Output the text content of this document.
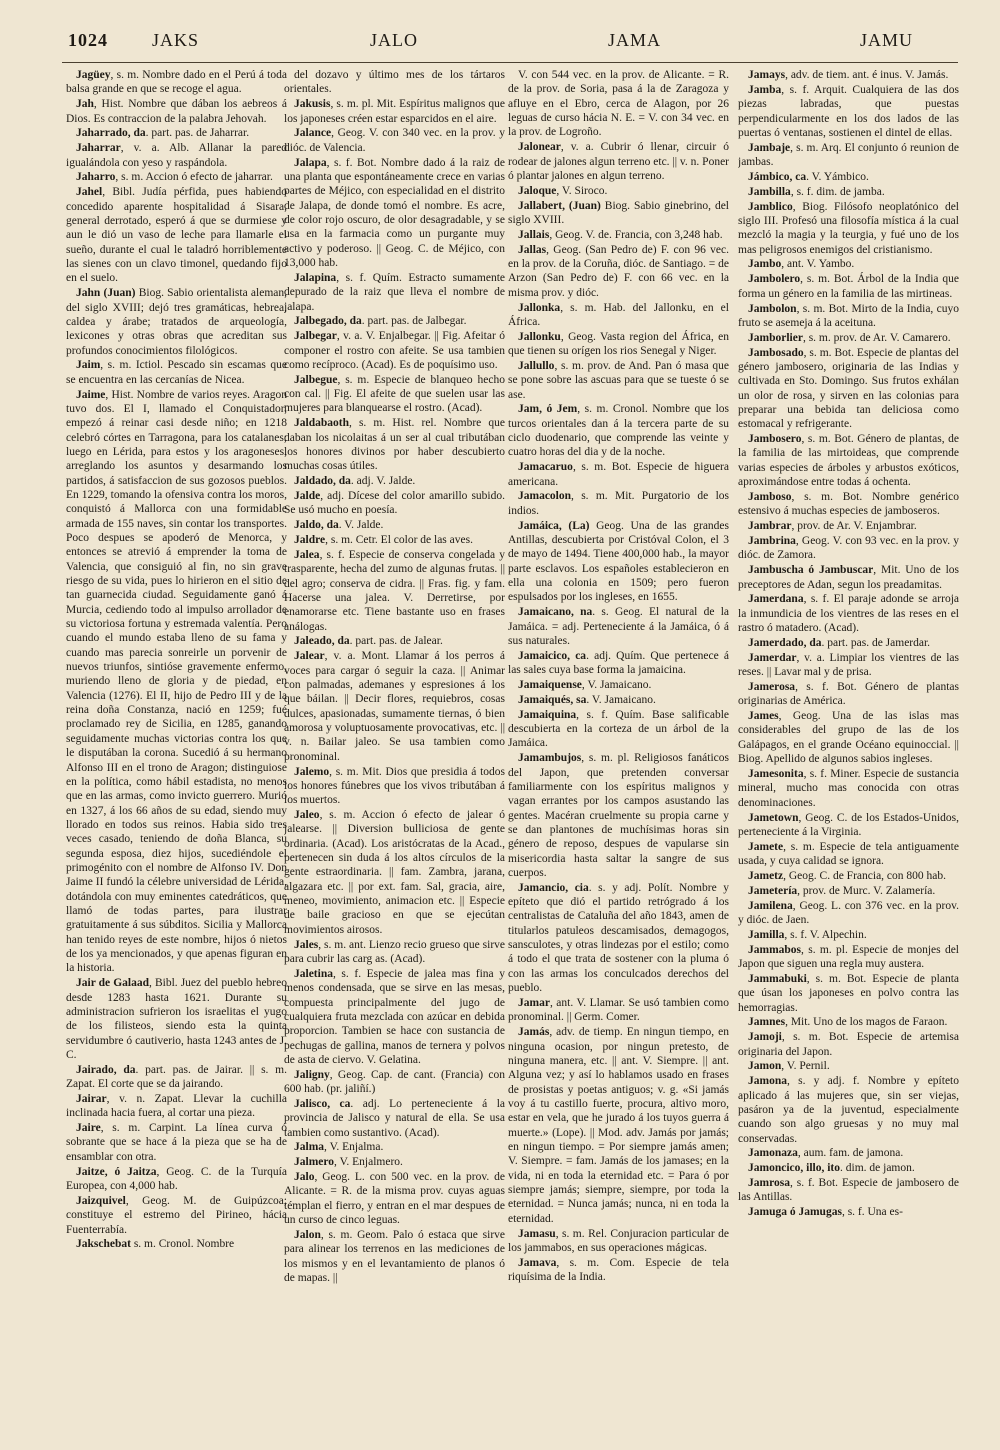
1024 JAKS	JALO	JAMA	JAMU

Jagüey, s. m. Nombre dado en el Perú á toda balsa grande en que se recoge el agua.

Jah, Hist. Nombre que dában los aebreos á Dios. Es contraccion de la palabra Jehovah.

Jaharrado, da. part. pas. de Jaharrar.

Jaharrar, v. a. Alb. Allanar la pared igualándola con yeso y raspándola.

Jaharro, s. m. Accion ó efecto de jaharrar.

Jahel, Bibl. Judía pérfida, pues habiendo concedido aparente hospitalidad á Sisara, general derrotado, esperó á que se durmiese y aun le dió un vaso de leche para llamarle el sueño, durante el cual le taladró horriblemente las sienes con un clavo timonel, quedando fijo en el suelo.

Jahn (Juan) Biog. Sabio orientalista aleman, del siglo XVIII; dejó tres gramáticas, hebrea, caldea y árabe; tratados de arqueología, lexicones y otras obras que acreditan sus profundos conocimientos filológicos.

Jaim, s. m. Ictiol. Pescado sin escamas que se encuentra en las cercanías de Nicea.

Jaime, Hist. Nombre de varios reyes. Aragon tuvo dos. El I, llamado el Conquistador, empezó á reinar casi desde niño; en 1218 celebró córtes en Tarragona, para los catalanes; luego en Lérida, para estos y los aragoneses, arreglando los asuntos y desarmando los partidos, á satisfaccion de sus gozosos pueblos. En 1229, tomando la ofensiva contra los moros, conquistó á Mallorca con una formidable armada de 155 naves, sin contar los transportes. Poco despues se apoderó de Menorca, y entonces se atrevió á emprender la toma de Valencia, que consiguió al fin, no sin grave riesgo de su vida, pues lo hirieron en el sitio de tan guarnecida ciudad. Seguidamente ganó á Murcia, cediendo todo al impulso arrollador de su victoriosa fortuna y estremada valentía. Pero cuando el mundo estaba lleno de su fama y cuando mas parecia sonreirle un porvenir de nuevos triunfos, sintióse gravemente enfermo, muriendo lleno de gloria y de piedad, en Valencia (1276). El II, hijo de Pedro III y de la reina doña Constanza, nació en 1259; fué proclamado rey de Sicilia, en 1285, ganando seguidamente muchas victorias contra los que le disputában la corona. Sucedió á su hermano Alfonso III en el trono de Aragon; distinguiose en la política, como hábil estadista, no menos que en las armas, como invicto guerrero. Murió en 1327, á los 66 años de su edad, siendo muy llorado en todos sus reinos. Habia sido tres veces casado, teniendo de doña Blanca, su segunda esposa, diez hijos, sucediéndole el primogénito con el nombre de Alfonso IV. Don Jaime II fundó la célebre universidad de Lérida, dotándola con muy eminentes catedráticos, que llamó de todas partes, para ilustrar gratuitamente á sus súbditos. Sicilia y Mallorca han tenido reyes de este nombre, hijos ó nietos de los ya mencionados, y que apenas figuran en la historia.

Jair de Galaad, Bibl. Juez del pueblo hebreo desde 1283 hasta 1621. Durante su administracion sufrieron los israelitas el yugo de los filisteos, siendo esta la quinta servidumbre ó cautiverio, hasta 1243 antes de J. C.

Jairado, da. part. pas. de Jairar. || s. m. Zapat. El corte que se da jairando.

Jairar, v. n. Zapat. Llevar la cuchilla inclinada hacia fuera, al cortar una pieza.

Jaire, s. m. Carpint. La línea curva ó sobrante que se hace á la pieza que se ha de ensamblar con otra.

Jaitze, ó Jaitza, Geog. C. de la Turquía Europea, con 4,000 hab.

Jaizquivel, Geog. M. de Guipúzcoa; constituye el estremo del Pirineo, hácia Fuenterrabía.

Jakschebat s. m. Cronol. Nombre

del dozavo y último mes de los tártaros orientales.

Jakusis, s. m. pl. Mit. Espíritus malignos que los japoneses créen estar esparcidos en el aire.

Jalance, Geog. V. con 340 vec. en la prov. y dióc. de Valencia.

Jalapa, s. f. Bot. Nombre dado á la raiz de una planta que espontáneamente crece en varias partes de Méjico, con especialidad en el distrito de Jalapa, de donde tomó el nombre. Es acre, de color rojo oscuro, de olor desagradable, y se usa en la farmacia como un purgante muy activo y poderoso. || Geog. C. de Méjico, con 13,000 hab.

Jalapina, s. f. Quím. Estracto sumamente depurado de la raiz que lleva el nombre de jalapa.

Jalbegado, da. part. pas. de Jalbegar.

Jalbegar, v. a. V. Enjalbegar. || Fig. Afeitar ó componer el rostro con afeite. Se usa tambien como recíproco. (Acad). Es de poquísimo uso.

Jalbegue, s. m. Especie de blanqueo hecho con cal. || Fig. El afeite de que suelen usar las mujeres para blanquearse el rostro. (Acad).

Jaldabaoth, s. m. Hist. rel. Nombre que daban los nicolaitas á un ser al cual tributában los honores divinos por haber descubierto muchas cosas útiles.

Jaldado, da. adj. V. Jalde.

Jalde, adj. Dícese del color amarillo subido. Se usó mucho en poesía.

Jaldo, da. V. Jalde.

Jaldre, s. m. Cetr. El color de las aves.

Jalea, s. f. Especie de conserva congelada y trasparente, hecha del zumo de algunas frutas. || del agro; conserva de cidra. || Fras. fig. y fam. Hacerse una jalea. V. Derretirse, por enamorarse etc. Tiene bastante uso en frases análogas.

Jaleado, da. part. pas. de Jalear.

Jalear, v. a. Mont. Llamar á los perros á voces para cargar ó seguir la caza. || Animar con palmadas, ademanes y espresiones á los que báilan. || Decir flores, requiebros, cosas dulces, apasionadas, sumamente tiernas, ó bien amorosa y voluptuosamente provocativas, etc. || v. n. Bailar jaleo. Se usa tambien como pronominal.

Jalemo, s. m. Mit. Dios que presidia á todos los honores fúnebres que los vivos tributában á los muertos.

Jaleo, s. m. Accion ó efecto de jalear ó jalearse. || Diversion bulliciosa de gente ordinaria. (Acad). Los aristócratas de la Acad., pertenecen sin duda á los altos círculos de la gente estraordinaria. || fam. Zambra, jarana, algazara etc. || por ext. fam. Sal, gracia, aire, meneo, movimiento, animacion etc. || Especie de baile gracioso en que se ejecútan movimientos airosos.

Jales, s. m. ant. Lienzo recio grueso que sirve para cubrir las carg as. (Acad).

Jaletina, s. f. Especie de jalea mas fina y menos condensada, que se sirve en las mesas, compuesta principalmente del jugo de cualquiera fruta mezclada con azúcar en debida proporcion. Tambien se hace con sustancia de pechugas de gallina, manos de ternera y polvos de asta de ciervo. V. Gelatina.

Jaligny, Geog. Cap. de cant. (Francia) con 600 hab. (pr. jaliñí.)

Jalisco, ca. adj. Lo perteneciente á la provincia de Jalisco y natural de ella. Se usa tambien como sustantivo. (Acad).

Jalma, V. Enjalma.

Jalmero, V. Enjalmero.

Jalo, Geog. L. con 500 vec. en la prov. de Alicante. = R. de la misma prov. cuyas aguas témplan el fierro, y entran en el mar despues de un curso de cinco leguas.

Jalon, s. m. Geom. Palo ó estaca que sirve para alinear los terrenos en las mediciones de los mismos y en el levantamiento de planos ó de mapas. ||

V. con 544 vec. en la prov. de Alicante. = R. de la prov. de Soria, pasa á la de Zaragoza y afluye en el Ebro, cerca de Alagon, por 26 leguas de curso hácia N. E. = V. con 34 vec. en la prov. de Logroño.

Jalonear, v. a. Cubrir ó llenar, circuir ó rodear de jalones algun terreno etc. || v. n. Poner ó plantar jalones en algun terreno.

Jaloque, V. Siroco.

Jallabert, (Juan) Biog. Sabio ginebrino, del siglo XVIII.

Jallais, Geog. V. de. Francia, con 3,248 hab.

Jallas, Geog. (San Pedro de) F. con 96 vec. en la prov. de la Coruña, dióc. de Santiago. = de Arzon (San Pedro de) F. con 66 vec. en la misma prov. y dióc.

Jallonka, s. m. Hab. del Jallonku, en el África.

Jallonku, Geog. Vasta region del África, en que tienen su orígen los rios Senegal y Niger.

Jallullo, s. m. prov. de And. Pan ó masa que se pone sobre las ascuas para que se tueste ó se ase.

Jam, ó Jem, s. m. Cronol. Nombre que los turcos orientales dan á la tercera parte de su ciclo duodenario, que comprende las veinte y cuatro horas del dia y de la noche.

Jamacaruo, s. m. Bot. Especie de higuera americana.

Jamacolon, s. m. Mit. Purgatorio de los indios.

Jamáica, (La) Geog. Una de las grandes Antillas, descubierta por Cristóval Colon, el 3 de mayo de 1494. Tiene 400,000 hab., la mayor parte esclavos. Los españoles establecieron en ella una colonia en 1509; pero fueron espulsados por los ingleses, en 1655.

Jamaicano, na. s. Geog. El natural de la Jamáica. = adj. Perteneciente á la Jamáica, ó á sus naturales.

Jamaicico, ca. adj. Quím. Que pertenece á las sales cuya base forma la jamaicina.

Jamaiquense, V. Jamaicano.

Jamaiqués, sa. V. Jamaicano.

Jamaiquina, s. f. Quím. Base salificable descubierta en la corteza de un árbol de la Jamáica.

Jamambujos, s. m. pl. Religiosos fanáticos del Japon, que pretenden conversar familiarmente con los espíritus malignos y vagan errantes por los campos asustando las gentes. Macéran cruelmente su propia carne y se dan plantones de muchísimas horas sin género de reposo, despues de vapularse sin misericordia hasta saltar la sangre de sus cuerpos.

Jamancio, cia. s. y adj. Polít. Nombre y epíteto que dió el partido retrógrado á los centralistas de Cataluña del año 1843, amen de titularlos patuleos descamisados, demagogos, sansculotes, y otras lindezas por el estilo; como á todo el que trata de sostener con la pluma ó con las armas los conculcados derechos del pueblo.

Jamar, ant. V. Llamar. Se usó tambien como pronominal. || Germ. Comer.

Jamás, adv. de tiemp. En ningun tiempo, en ninguna ocasion, por ningun pretesto, de ninguna manera, etc. || ant. V. Siempre. || ant. Alguna vez; y así lo hablamos usado en frases de prosistas y poetas antiguos; v. g. «Si jamás voy á tu castillo fuerte, procura, altivo moro, estar en vela, que he jurado á los tuyos guerra á muerte.» (Lope). || Mod. adv. Jamás por jamás; en ningun tiempo. = Por siempre jamás amen; V. Siempre. = fam. Jamás de los jamases; en la vida, ni en toda la eternidad etc. = Para ó por siempre jamás; siempre, siempre, por toda la eternidad. = Nunca jamás; nunca, ni en toda la eternidad.

Jamasu, s. m. Rel. Conjuracion particular de los jammabos, en sus operaciones mágicas.

Jamava, s. m. Com. Especie de tela riquísima de la India.

Jamays, adv. de tiem. ant. é inus. V. Jamás.

Jamba, s. f. Arquit. Cualquiera de las dos piezas labradas, que puestas perpendicularmente en los dos lados de las puertas ó ventanas, sostienen el dintel de ellas.

Jambaje, s. m. Arq. El conjunto ó reunion de jambas.

Jámbico, ca. V. Yámbico.

Jambilla, s. f. dim. de jamba.

Jamblico, Biog. Filósofo neoplatónico del siglo III. Profesó una filosofía mística á la cual mezcló la magia y la teurgia, y fué uno de los mas peligrosos enemigos del cristianismo.

Jambo, ant. V. Yambo.

Jambolero, s. m. Bot. Árbol de la India que forma un género en la familia de las mirtineas.

Jambolon, s. m. Bot. Mirto de la India, cuyo fruto se asemeja á la aceituna.

Jamborlier, s. m. prov. de Ar. V. Camarero.

Jambosado, s. m. Bot. Especie de plantas del género jambosero, originaria de las Indias y cultivada en Sto. Domingo. Sus frutos exhálan un olor de rosa, y sirven en las colonias para preparar una bebida tan deliciosa como estomacal y refrigerante.

Jambosero, s. m. Bot. Género de plantas, de la familia de las mirtoideas, que comprende varias especies de árboles y arbustos exóticos, aproximándose entre todas á ochenta.

Jamboso, s. m. Bot. Nombre genérico estensivo á muchas especies de jamboseros.

Jambrar, prov. de Ar. V. Enjambrar.

Jambrina, Geog. V. con 93 vec. en la prov. y dióc. de Zamora.

Jambuscha ó Jambuscar, Mit. Uno de los preceptores de Adan, segun los preadamitas.

Jamerdana, s. f. El paraje adonde se arroja la inmundicia de los vientres de las reses en el rastro ó matadero. (Acad).

Jamerdado, da. part. pas. de Jamerdar.

Jamerdar, v. a. Limpiar los vientres de las reses. || Lavar mal y de prisa.

Jamerosa, s. f. Bot. Género de plantas originarias de América.

James, Geog. Una de las islas mas considerables del grupo de las de los Galápagos, en el grande Océano equinoccial. || Biog. Apellido de algunos sabios ingleses.

Jamesonita, s. f. Miner. Especie de sustancia mineral, mucho mas conocida con otras denominaciones.

Jametown, Geog. C. de los Estados-Unidos, perteneciente á la Virginia.

Jamete, s. m. Especie de tela antiguamente usada, y cuya calidad se ignora.

Jametz, Geog. C. de Francia, con 800 hab.

Jametería, prov. de Murc. V. Zalamería.

Jamilena, Geog. L. con 376 vec. en la prov. y dióc. de Jaen.

Jamilla, s. f. V. Alpechin.

Jammabos, s. m. pl. Especie de monjes del Japon que siguen una regla muy austera.

Jammabuki, s. m. Bot. Especie de planta que úsan los japoneses en polvo contra las hemorragias.

Jamnes, Mit. Uno de los magos de Faraon.

Jamoji, s. m. Bot. Especie de artemisa originaria del Japon.

Jamon, V. Pernil.

Jamona, s. y adj. f. Nombre y epíteto aplicado á las mujeres que, sin ser viejas, pasáron ya de la juventud, especialmente cuando son algo gruesas y no muy mal conservadas.

Jamonaza, aum. fam. de jamona.

Jamoncico, illo, ito. dim. de jamon.

Jamrosa, s. f. Bot. Especie de jambosero de las Antillas.

Jamuga ó Jamugas, s. f. Una es-
